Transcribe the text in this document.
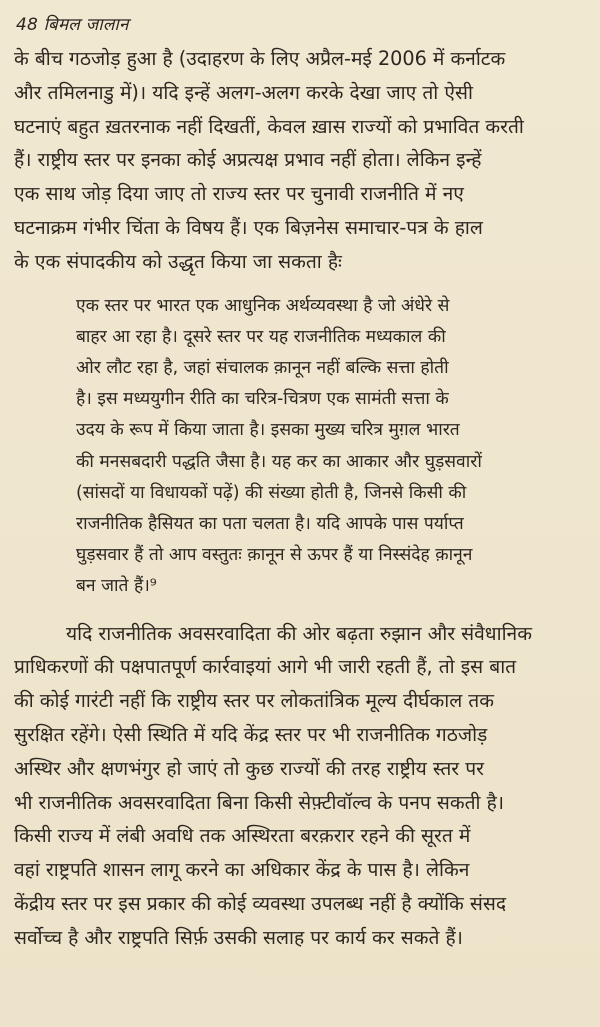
48 बिमल जालान
के बीच गठजोड़ हुआ है (उदाहरण के लिए अप्रैल-मई 2006 में कर्नाटक
और तमिलनाडु में)। यदि इन्हें अलग-अलग करके देखा जाए तो ऐसी
घटनाएं बहुत ख़तरनाक नहीं दिखतीं, केवल ख़ास राज्यों को प्रभावित करती
हैं। राष्ट्रीय स्तर पर इनका कोई अप्रत्यक्ष प्रभाव नहीं होता। लेकिन इन्हें
एक साथ जोड़ दिया जाए तो राज्य स्तर पर चुनावी राजनीति में नए
घटनाक्रम गंभीर चिंता के विषय हैं। एक बिज़नेस समाचार-पत्र के हाल
के एक संपादकीय को उद्धृत किया जा सकता हैः
एक स्तर पर भारत एक आधुनिक अर्थव्यवस्था है जो अंधेरे से
बाहर आ रहा है। दूसरे स्तर पर यह राजनीतिक मध्यकाल की
ओर लौट रहा है, जहां संचालक क़ानून नहीं बल्कि सत्ता होती
है। इस मध्ययुगीन रीति का चरित्र-चित्रण एक सामंती सत्ता के
उदय के रूप में किया जाता है। इसका मुख्य चरित्र मुग़ल भारत
की मनसबदारी पद्धति जैसा है। यह कर का आकार और घुड़सवारों
(सांसदों या विधायकों पढ़ें) की संख्या होती है, जिनसे किसी की
राजनीतिक हैसियत का पता चलता है। यदि आपके पास पर्याप्त
घुड़सवार हैं तो आप वस्तुतः क़ानून से ऊपर हैं या निस्संदेह क़ानून
बन जाते हैं।⁹
यदि राजनीतिक अवसरवादिता की ओर बढ़ता रुझान और संवैधानिक
प्राधिकरणों की पक्षपातपूर्ण कार्रवाइयां आगे भी जारी रहती हैं, तो इस बात
की कोई गारंटी नहीं कि राष्ट्रीय स्तर पर लोकतांत्रिक मूल्य दीर्घकाल तक
सुरक्षित रहेंगे। ऐसी स्थिति में यदि केंद्र स्तर पर भी राजनीतिक गठजोड़
अस्थिर और क्षणभंगुर हो जाएं तो कुछ राज्यों की तरह राष्ट्रीय स्तर पर
भी राजनीतिक अवसरवादिता बिना किसी सेफ़्टीवॉल्व के पनप सकती है।
किसी राज्य में लंबी अवधि तक अस्थिरता बरक़रार रहने की सूरत में
वहां राष्ट्रपति शासन लागू करने का अधिकार केंद्र के पास है। लेकिन
केंद्रीय स्तर पर इस प्रकार की कोई व्यवस्था उपलब्ध नहीं है क्योंकि संसद
सर्वोच्च है और राष्ट्रपति सिर्फ़ उसकी सलाह पर कार्य कर सकते हैं।
